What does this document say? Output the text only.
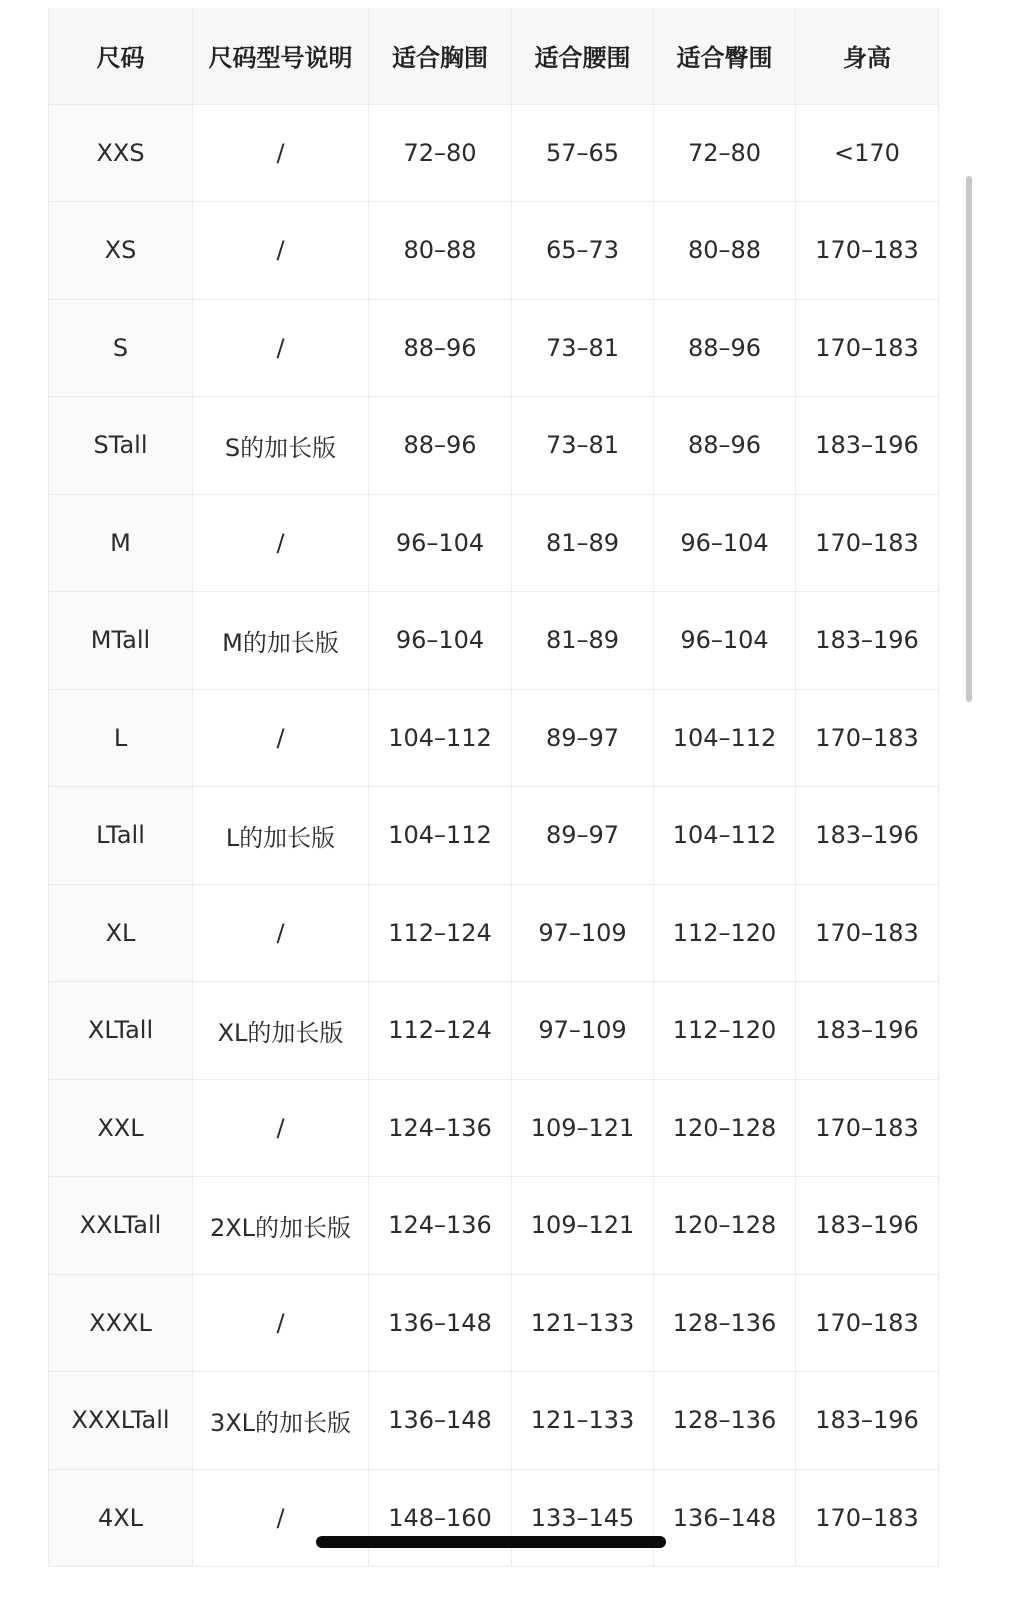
尺码	尺码型号说明	适合胸围	适合腰围	适合臀围	身高
XXS	/	72–80	57–65	72–80	<170
XS	/	80–88	65–73	80–88	170–183
S	/	88–96	73–81	88–96	170–183
STall	S的加长版	88–96	73–81	88–96	183–196
M	/	96–104	81–89	96–104	170–183
MTall	M的加长版	96–104	81–89	96–104	183–196
L	/	104–112	89–97	104–112	170–183
LTall	L的加长版	104–112	89–97	104–112	183–196
XL	/	112–124	97–109	112–120	170–183
XLTall	XL的加长版	112–124	97–109	112–120	183–196
XXL	/	124–136	109–121	120–128	170–183
XXLTall	2XL的加长版	124–136	109–121	120–128	183–196
XXXL	/	136–148	121–133	128–136	170–183
XXXLTall	3XL的加长版	136–148	121–133	128–136	183–196
4XL	/	148–160	133–145	136–148	170–183
